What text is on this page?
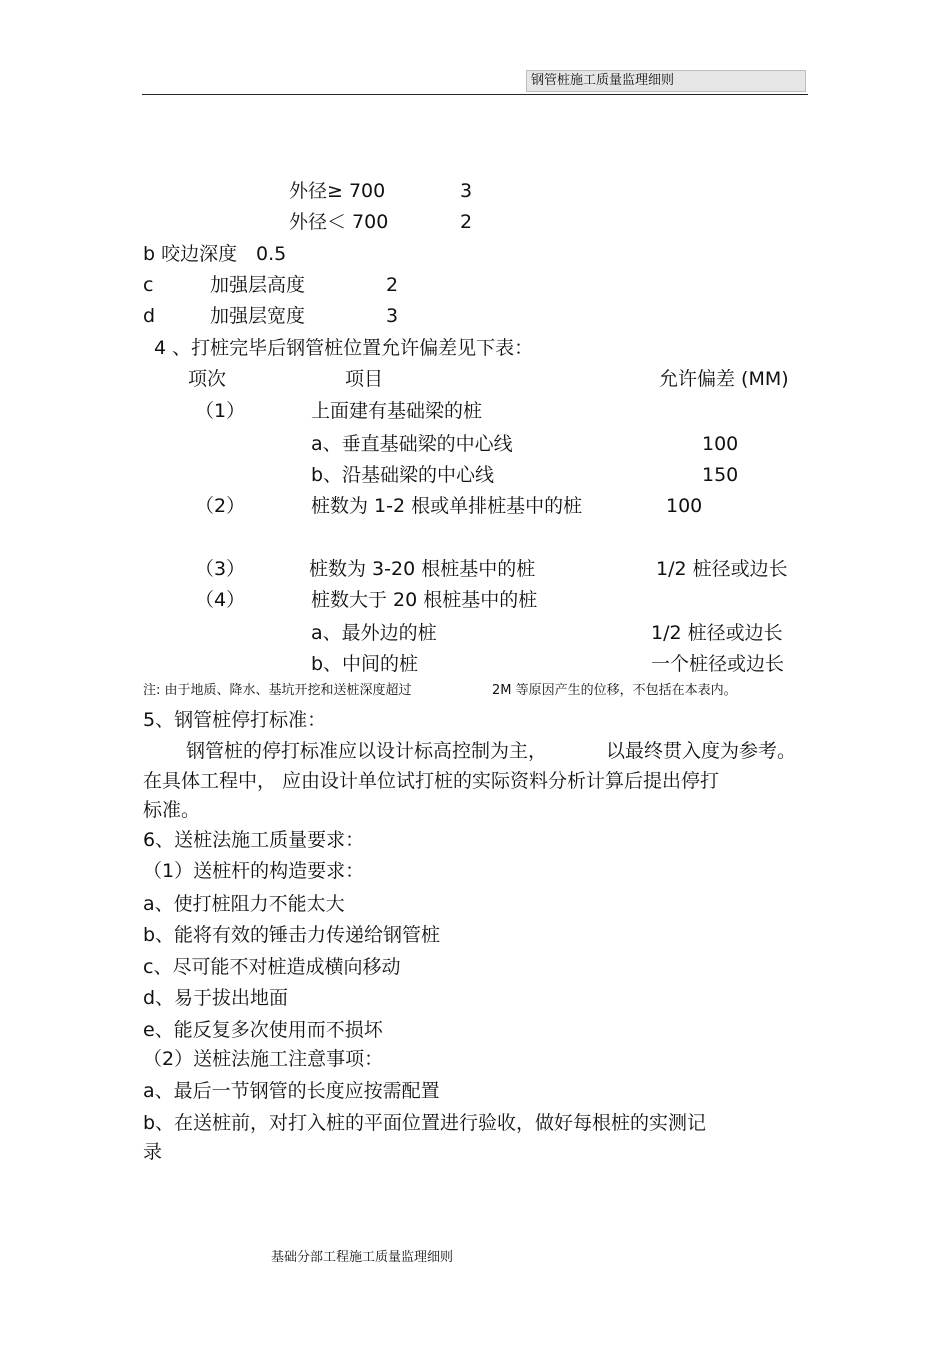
钢管桩施工质量监理细则
外径≥ 700	3
外径＜ 700	2
b 咬边深度 0.5
c	加强层高度	2
d	加强层宽度	3
4 、打桩完毕后钢管桩位置允许偏差见下表：
项次	项目	允许偏差 (MM)
（1）	上面建有基础梁的桩
a、垂直基础梁的中心线	100
b、沿基础梁的中心线	150
（2）	桩数为 1-2 根或单排桩基中的桩	100
（3）	桩数为 3-20 根桩基中的桩	1/2 桩径或边长
（4）	桩数大于 20 根桩基中的桩
a、最外边的桩	1/2 桩径或边长
b、中间的桩	一个桩径或边长
注: 由于地质、降水、基坑开挖和送桩深度超过	2M 等原因产生的位移，不包括在本表内。
5、钢管桩停打标准：
钢管桩的停打标准应以设计标高控制为主，	以最终贯入度为参考。
在具体工程中， 应由设计单位试打桩的实际资料分析计算后提出停打
标准。
6、送桩法施工质量要求：
（1）送桩杆的构造要求：
a、使打桩阻力不能太大
b、能将有效的锤击力传递给钢管桩
c、尽可能不对桩造成横向移动
d、易于拔出地面
e、能反复多次使用而不损坏
（2）送桩法施工注意事项：
a、最后一节钢管的长度应按需配置
b、在送桩前，对打入桩的平面位置进行验收，做好每根桩的实测记
录
基础分部工程施工质量监理细则
